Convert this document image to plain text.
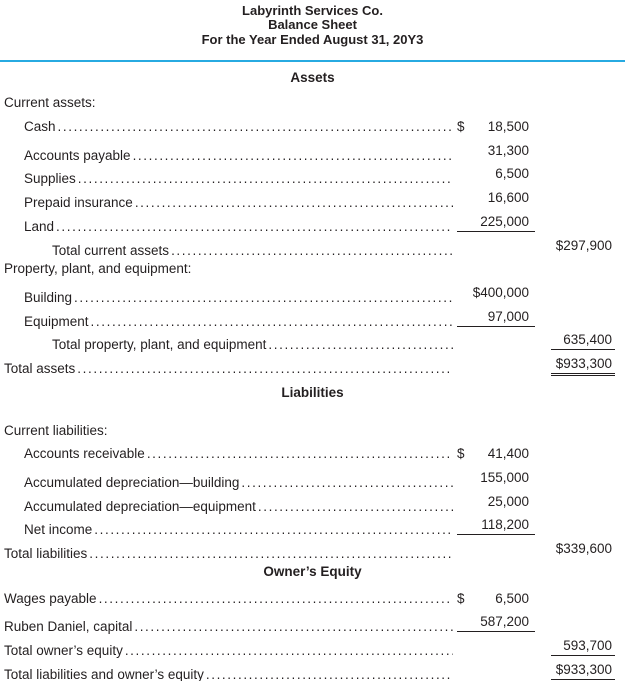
Labyrinth Services Co.
Balance Sheet
For the Year Ended August 31, 20Y3
Assets
Current assets:
Cash .....	$ 18,500
Accounts payable .....	31,300
Supplies .....	6,500
Prepaid insurance .....	16,600
Land .....	225,000
Total current assets .....	$297,900
Property, plant, and equipment:
Building .....	$400,000
Equipment .....	97,000
Total property, plant, and equipment .....	635,400
Total assets .....	$933,300
Liabilities
Current liabilities:
Accounts receivable .....	$ 41,400
Accumulated depreciation—building .....	155,000
Accumulated depreciation—equipment .....	25,000
Net income .....	118,200
Total liabilities .....	$339,600
Owner’s Equity
Wages payable .....	$ 6,500
Ruben Daniel, capital .....	587,200
Total owner’s equity .....	593,700
Total liabilities and owner’s equity .....	$933,300
